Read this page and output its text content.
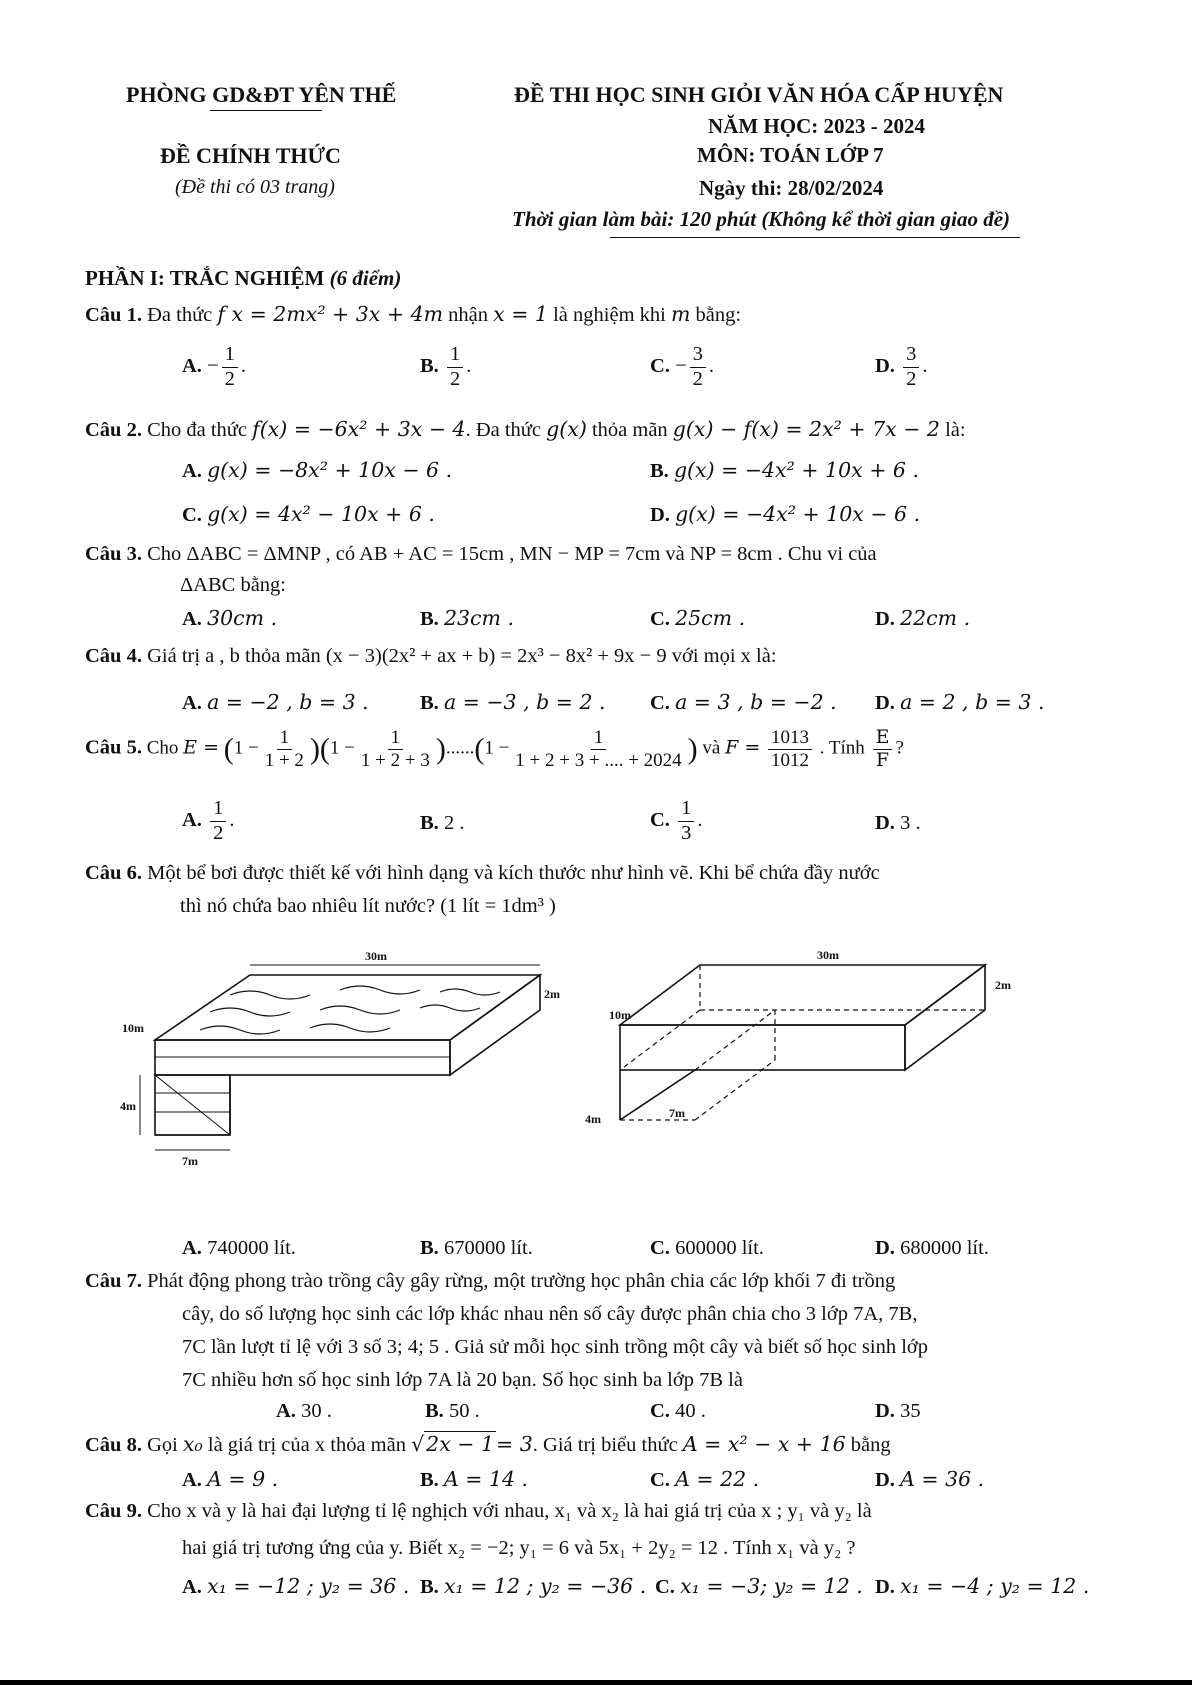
PHÒNG GD&ĐT YÊN THẾ
ĐỀ CHÍNH THỨC
(Đề thi có 03 trang)
ĐỀ THI HỌC SINH GIỎI VĂN HÓA CẤP HUYỆN
NĂM HỌC: 2023 - 2024
MÔN: TOÁN LỚP 7
Ngày thi: 28/02/2024
Thời gian làm bài: 120 phút (Không kể thời gian giao đề)
PHẦN I: TRẮC NGHIỆM (6 điểm)
Câu 1. Đa thức f x = 2mx² + 3x + 4m nhận x = 1 là nghiệm khi m bằng:
A. − $\frac{1}{2}$ .	B. $\frac{1}{2}$ .	C. − $\frac{3}{2}$ .	D. $\frac{3}{2}$ .
Câu 2. Cho đa thức f(x) = −6x² + 3x − 4. Đa thức g(x) thỏa mãn g(x) − f(x) = 2x² + 7x − 2 là:
A. g(x) = −8x² + 10x − 6 .	B. g(x) = −4x² + 10x + 6 .
C. g(x) = 4x² − 10x + 6 .	D. g(x) = −4x² + 10x − 6 .
Câu 3. Cho ΔABC = ΔMNP , có AB + AC = 15cm , MN − MP = 7cm và NP = 8cm . Chu vi của
ΔABC bằng:
A. 30cm .	B. 23cm .	C. 25cm .	D. 22cm .
Câu 4. Giá trị a , b thỏa mãn (x − 3)(2x² + ax + b) = 2x³ − 8x² + 9x − 9 với mọi x là:
A. a = −2 , b = 3 .	B. a = −3 , b = 2 . C. a = 3 , b = −2 . D. a = 2 , b = 3 .
Câu 5. Cho $E = (1 - \frac{1}{1 + 2} )(1 - \frac{1}{1 + 2 + 3} )......(1 - \frac{1}{1 + 2 + 3 + .... + 2024}$ ) và $F = \frac{1013}{1012}$ . Tính $\frac{E}{F}$ ?
A. $\frac{1}{2}$ .	B. 2 .	C. $\frac{1}{3}$ .	D. 3 .
Câu 6. Một bể bơi được thiết kế với hình dạng và kích thước như hình vẽ. Khi bể chứa đầy nước
thì nó chứa bao nhiêu lít nước? (1 lít = 1dm³ )
30m
10m
2m
4m
7m
30m
10m
2m
4m	7m
A. 740000 lít.	B. 670000 lít.	C. 600000 lít.	D. 680000 lít.
Câu 7. Phát động phong trào trồng cây gây rừng, một trường học phân chia các lớp khối 7 đi trồng
cây, do số lượng học sinh các lớp khác nhau nên số cây được phân chia cho 3 lớp 7A, 7B,
7C lần lượt tỉ lệ với 3 số 3; 4; 5 . Giả sử mỗi học sinh trồng một cây và biết số học sinh lớp
7C nhiều hơn số học sinh lớp 7A là 20 bạn. Số học sinh ba lớp 7B là
A. 30 .	B. 50 .	C. 40 .	D. 35
Câu 8. Gọi x₀ là giá trị của x thỏa mãn √2x − 1= 3. Giá trị biểu thức A = x² − x + 16 bằng
A. A = 9 .	B. A = 14 .	C. A = 22 .	D. A = 36 .
Câu 9. Cho x và y là hai đại lượng tỉ lệ nghịch với nhau, x₁ và x₂ là hai giá trị của x ; y₁ và y₂ là
hai giá trị tương ứng của y. Biết x₂ = −2; y₁ = 6 và 5x₁ + 2y₂ = 12 . Tính x₁ và y₂ ?
A. x₁ = −12 ; y₂ = 36 . B. x₁ = 12 ; y₂ = −36 . C. x₁ = −3; y₂ = 12 . D. x₁ = −4 ; y₂ = 12 .
